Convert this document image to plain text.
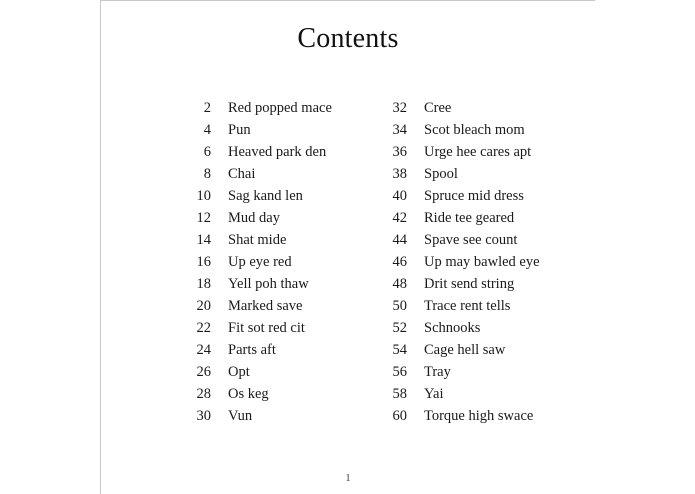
Contents
2 Red popped mace
4 Pun
6 Heaved park den
8 Chai
10 Sag kand len
12 Mud day
14 Shat mide
16 Up eye red
18 Yell poh thaw
20 Marked save
22 Fit sot red cit
24 Parts aft
26 Opt
28 Os keg
30 Vun
32 Cree
34 Scot bleach mom
36 Urge hee cares apt
38 Spool
40 Spruce mid dress
42 Ride tee geared
44 Spave see count
46 Up may bawled eye
48 Drit send string
50 Trace rent tells
52 Schnooks
54 Cage hell saw
56 Tray
58 Yai
60 Torque high swace
1
